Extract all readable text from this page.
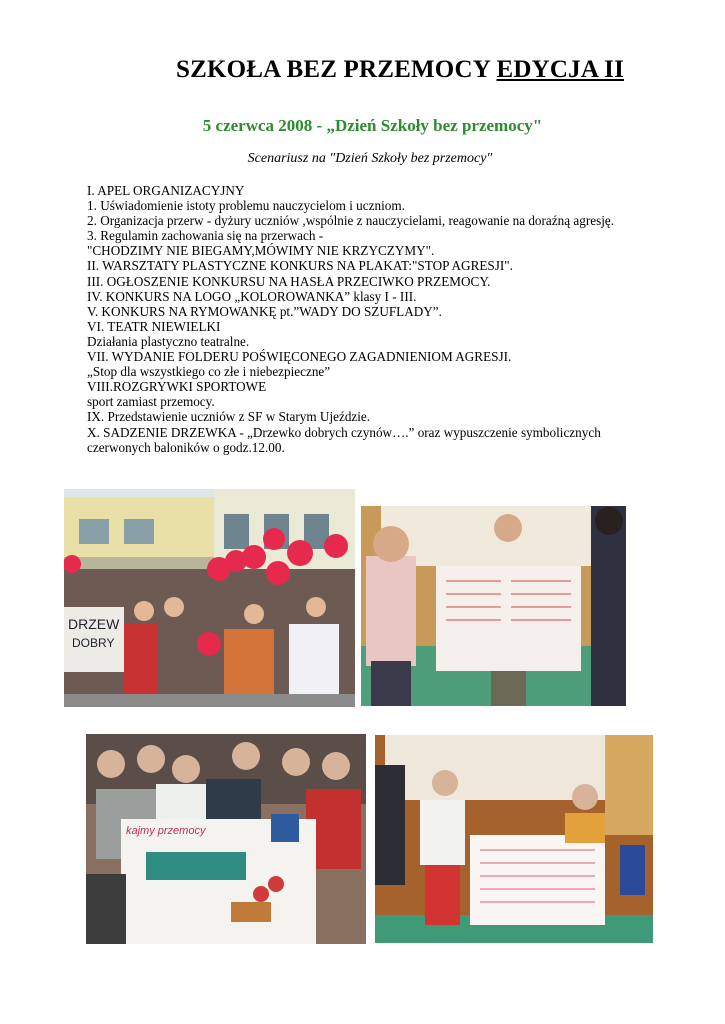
SZKOŁA BEZ PRZEMOCY EDYCJA II
5 czerwca 2008 - „Dzień Szkoły bez przemocy"
Scenariusz na "Dzień Szkoły bez przemocy"
I. APEL ORGANIZACYJNY
1. Uświadomienie istoty problemu nauczycielom i uczniom.
2. Organizacja przerw - dyżury uczniów ,wspólnie z nauczycielami, reagowanie na doraźną agresję.
3. Regulamin zachowania się na przerwach -
"CHODZIMY NIE BIEGAMY,MÓWIMY NIE KRZYCZYMY".
II. WARSZTATY PLASTYCZNE KONKURS NA PLAKAT:"STOP AGRESJI".
III. OGŁOSZENIE KONKURSU NA HASŁA PRZECIWKO PRZEMOCY.
IV. KONKURS NA LOGO „KOLOROWANKA” klasy I - III.
V. KONKURS NA RYMOWANKĘ pt.”WADY DO SZUFLADY”.
VI. TEATR NIEWIELKI
Działania plastyczno teatralne.
VII. WYDANIE FOLDERU POŚWIĘCONEGO ZAGADNIENIOM AGRESJI.
„Stop dla wszystkiego co złe i niebezpieczne”
VIII.ROZGRYWKI SPORTOWE
sport zamiast przemocy.
IX. Przedstawienie uczniów z SF w Starym Ujeździe.
X. SADZENIE DRZEWKA - „Drzewko dobrych czynów….” oraz wypuszczenie symbolicznych
czerwonych baloników o godz.12.00.
DRZEW
DOBRY
kajmy przemocy
